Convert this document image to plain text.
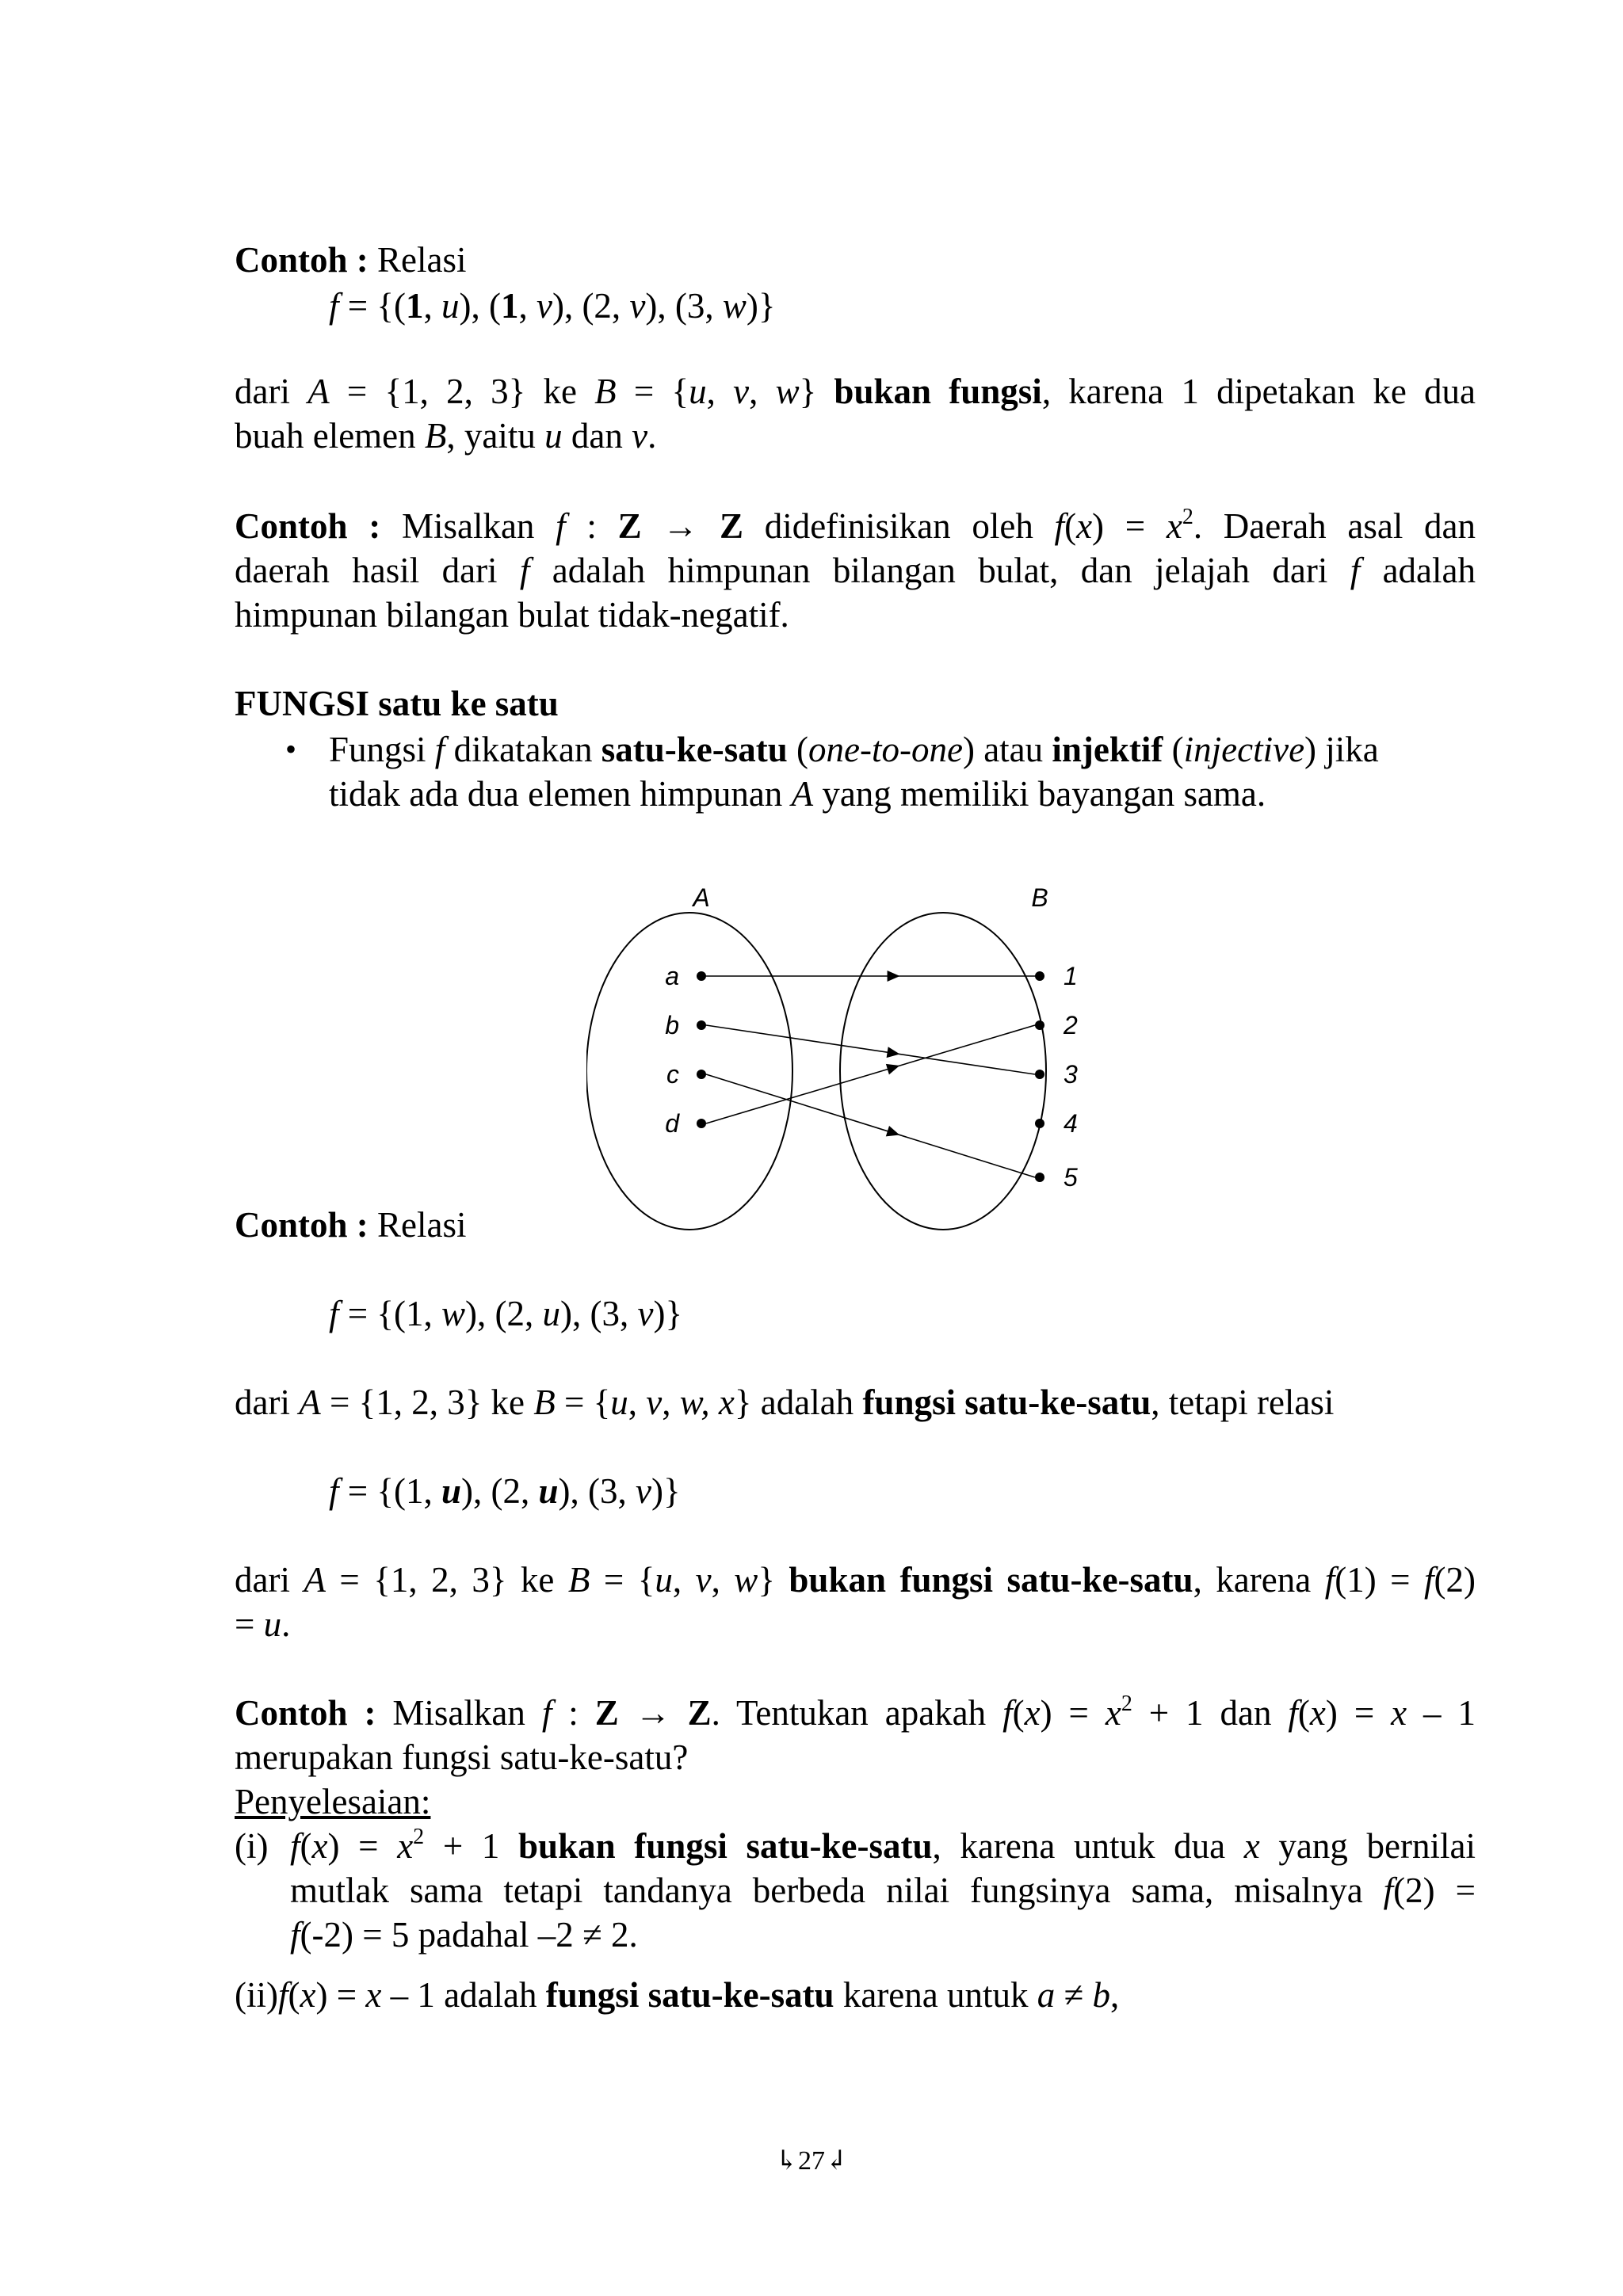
Contoh : Relasi
f = {(1, u), (1, v), (2, v), (3, w)}
dari A = {1, 2, 3} ke B = {u, v, w} bukan fungsi, karena 1 dipetakan ke dua
buah elemen B, yaitu u dan v.
Contoh : Misalkan f : Z → Z didefinisikan oleh $f(x) = x^2$. Daerah asal dan
daerah hasil dari f adalah himpunan bilangan bulat, dan jelajah dari f adalah
himpunan bilangan bulat tidak-negatif.
FUNGSI satu ke satu
• Fungsi f dikatakan satu-ke-satu (one-to-one) atau injektif (injective) jika
tidak ada dua elemen himpunan A yang memiliki bayangan sama.
A	B
a
b
c
d
1
2
3
4
5
Contoh : Relasi
f = {(1, w), (2, u), (3, v)}
dari A = {1, 2, 3} ke B = {u, v, w, x} adalah fungsi satu-ke-satu, tetapi relasi
f = {(1, u), (2, u), (3, v)}
dari A = {1, 2, 3} ke B = {u, v, w} bukan fungsi satu-ke-satu, karena f(1) = f(2)
= u.
Contoh : Misalkan f : Z → Z. Tentukan apakah $f(x) = x^2 + 1$ dan f(x) = x – 1
merupakan fungsi satu-ke-satu?
Penyelesaian:
(i) $f(x) = x^2 + 1$ bukan fungsi satu-ke-satu, karena untuk dua x yang bernilai
mutlak sama tetapi tandanya berbeda nilai fungsinya sama, misalnya f(2) =
f(-2) = 5 padahal –2 ≠ 2.
(ii)f(x) = x – 1 adalah fungsi satu-ke-satu karena untuk a ≠ b,
↳27↲
